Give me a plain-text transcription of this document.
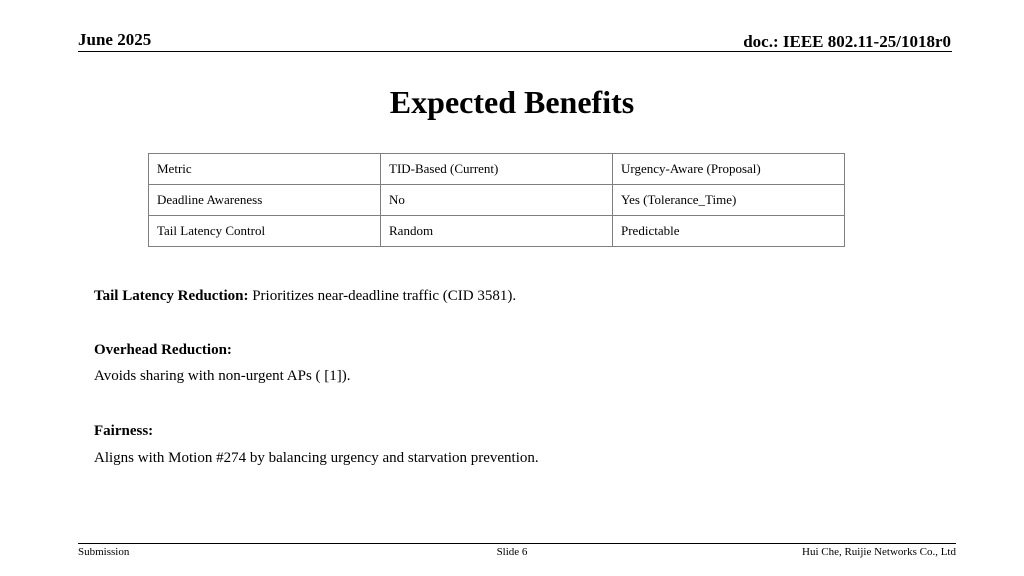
June 2025	doc.: IEEE 802.11-25/1018r0
Expected Benefits
Metric	TID-Based (Current)	Urgency-Aware (Proposal)
Deadline Awareness	No	Yes (Tolerance_Time)
Tail Latency Control	Random	Predictable
Tail Latency Reduction: Prioritizes near-deadline traffic (CID 3581).
Overhead Reduction:
Avoids sharing with non-urgent APs ( [1]).
Fairness:
Aligns with Motion #274 by balancing urgency and starvation prevention.
Submission	Slide 6	Hui Che, Ruijie Networks Co., Ltd
